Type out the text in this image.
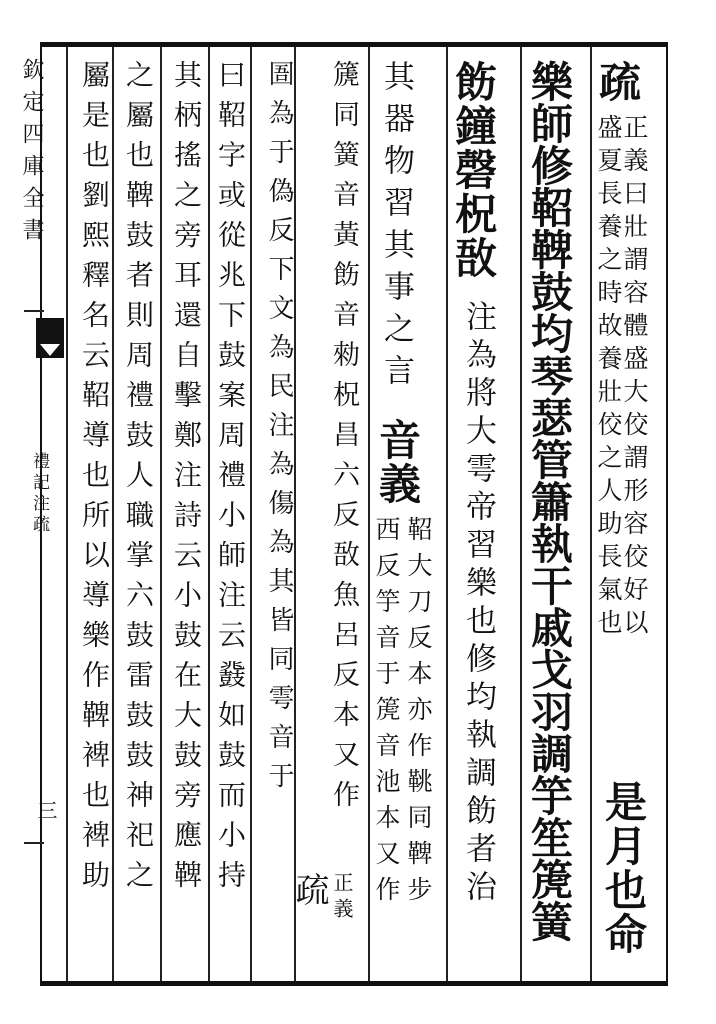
欽定四庫全書
禮記注疏
三
疏
正義曰壯謂容體盛大佼謂形容佼好以
盛夏長養之時故養壯佼之人助長氣也
是月也命
樂師修鞀鞞鼓均琴瑟管簫執干戚戈羽調竽笙箎簧
飭鐘磬柷敔
注為將大雩帝習樂也修均執調飭者治
其器物習其事之言
音義
鞀大刀反本亦作鞉同鞞步
西反竽音于箎音池本又作
篪同簧音黃飭音勑柷昌六反敔魚呂反本又作
圄為于偽反下文為民注為傷為其皆同雩音于
疏 正義
曰鞀字或從兆下鼓案周禮小師注云鼗如鼓而小持
其柄搖之旁耳還自擊鄭注詩云小鼓在大鼓旁應鞞
之屬也鞞鼓者則周禮鼓人職掌六鼓雷鼓鼓神祀之
屬是也劉熙釋名云鞀導也所以導樂作鞞裨也裨助
